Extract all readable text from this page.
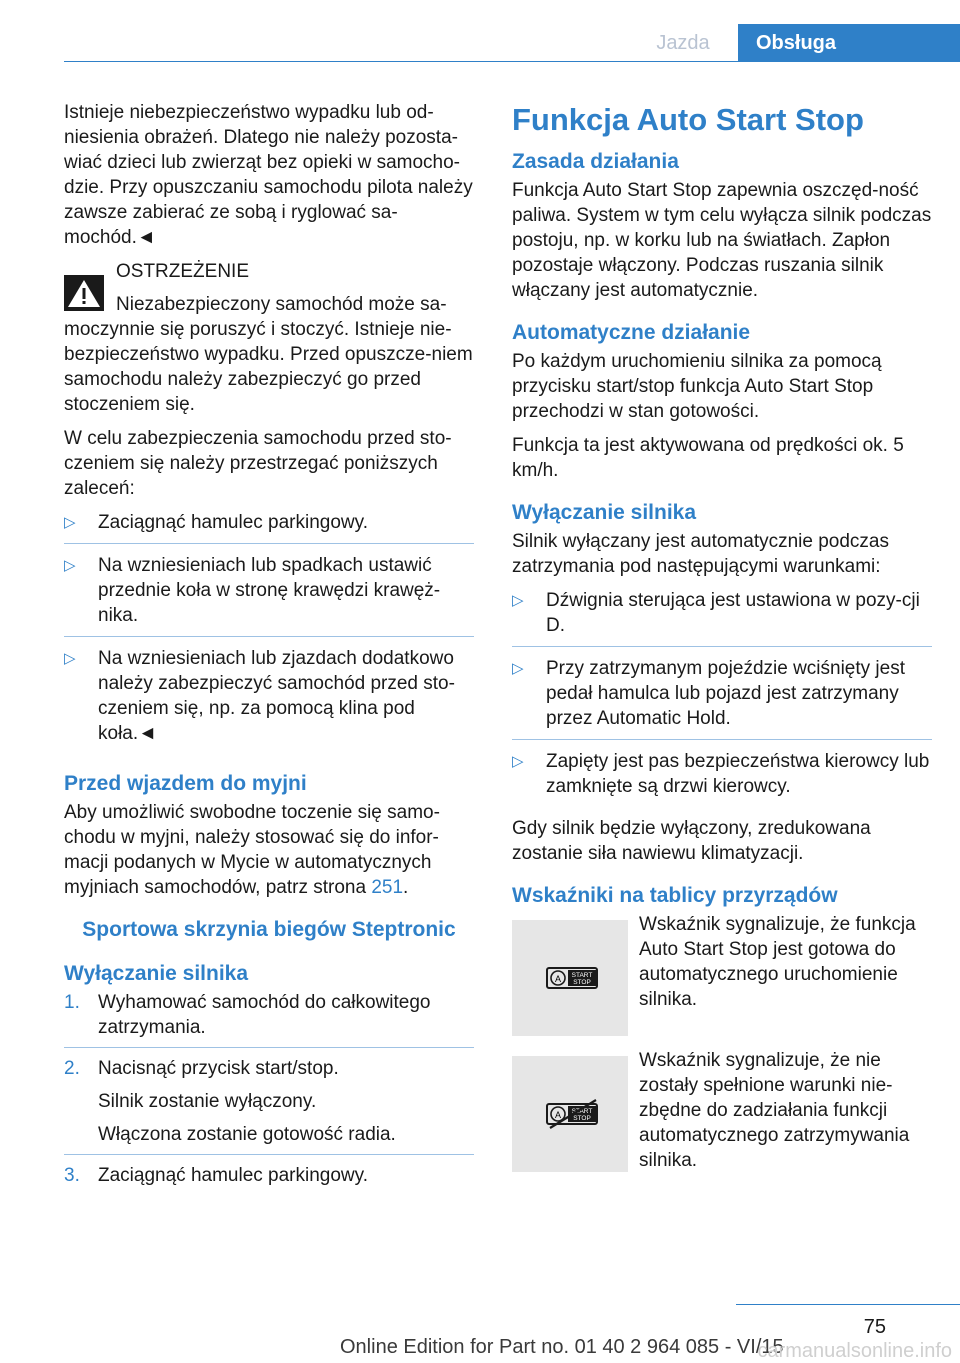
Jazda	Obsługa

Istnieje niebezpieczeństwo wypadku lub od-niesienia obrażeń. Dlatego nie należy pozosta-wiać dzieci lub zwierząt bez opieki w samocho-dzie. Przy opuszczaniu samochodu pilota należy zawsze zabierać ze sobą i ryglować sa-mochód.◄

OSTRZEŻENIE

Niezabezpieczony samochód może sa-moczynnie się poruszyć i stoczyć. Istnieje nie-bezpieczeństwo wypadku. Przed opuszcze-niem samochodu należy zabezpieczyć go przed stoczeniem się.

W celu zabezpieczenia samochodu przed sto-czeniem się należy przestrzegać poniższych zaleceń:

▷ Zaciągnąć hamulec parkingowy.
▷ Na wzniesieniach lub spadkach ustawić przednie koła w stronę krawędzi krawęż-nika.
▷ Na wzniesieniach lub zjazdach dodatkowo należy zabezpieczyć samochód przed sto-czeniem się, np. za pomocą klina pod koła.◄
Przed wjazdem do myjni

Aby umożliwić swobodne toczenie się samo-chodu w myjni, należy stosować się do infor-macji podanych w Mycie w automatycznych myjniach samochodów, patrz strona 251.

Sportowa skrzynia biegów Steptronic
Wyłączanie silnika
1. Wyhamować samochód do całkowitego zatrzymania.
2. Nacisnąć przycisk start/stop.
Silnik zostanie wyłączony.
Włączona zostanie gotowość radia.
3. Zaciągnąć hamulec parkingowy.
Funkcja Auto Start Stop
Zasada działania

Funkcja Auto Start Stop zapewnia oszczęd-ność paliwa. System w tym celu wyłącza silnik podczas postoju, np. w korku lub na światłach. Zapłon pozostaje włączony. Podczas ruszania silnik włączany jest automatycznie.

Automatyczne działanie

Po każdym uruchomieniu silnika za pomocą przycisku start/stop funkcja Auto Start Stop przechodzi w stan gotowości.

Funkcja ta jest aktywowana od prędkości ok. 5 km/h.

Wyłączanie silnika

Silnik wyłączany jest automatycznie podczas zatrzymania pod następującymi warunkami:

▷ Dźwignia sterująca jest ustawiona w pozy-cji D.
▷ Przy zatrzymanym pojeździe wciśnięty jest pedał hamulca lub pojazd jest zatrzymany przez Automatic Hold.
▷ Zapięty jest pas bezpieczeństwa kierowcy lub zamknięte są drzwi kierowcy.

Gdy silnik będzie wyłączony, zredukowana zostanie siła nawiewu klimatyzacji.

Wskaźniki na tablicy przyrządów
A START
STOP
Wskaźnik sygnalizuje, że funkcja Auto Start Stop jest gotowa do automatycznego uruchomienie silnika.
A START
STOP
Wskaźnik sygnalizuje, że nie zostały spełnione warunki nie-zbędne do zadziałania funkcji automatycznego zatrzymywania silnika.
75
Online Edition for Part no. 01 40 2 964 085 - VI/15
carmanualsonline.info
